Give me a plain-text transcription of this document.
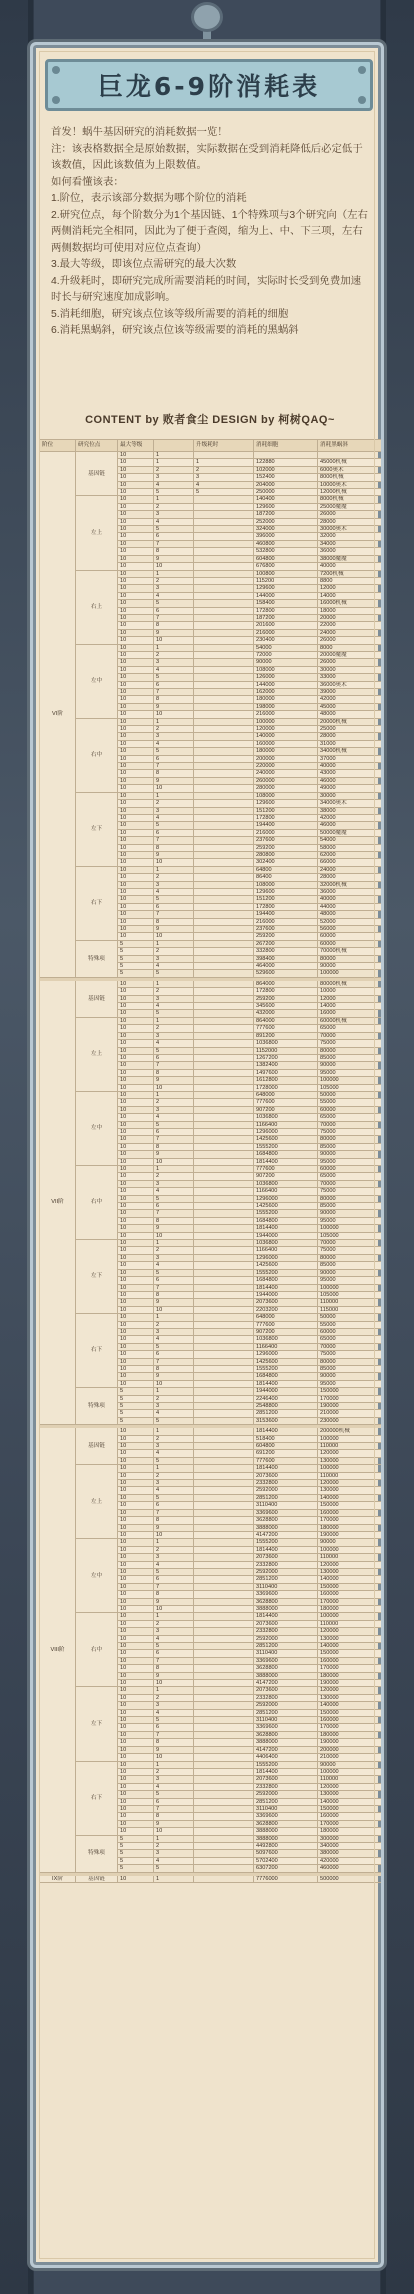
巨龙6-9阶消耗表

首发！蜗牛基因研究的消耗数据一览！

注：该表格数据全是原始数据，实际数据在受到消耗降低后必定低于该数值，因此该数值为上限数值。

如何看懂该表：

1.阶位，表示该部分数据为哪个阶位的消耗

2.研究位点，每个阶数分为1个基因链、1个特殊项与3个研究向（左右两侧消耗完全相同，因此为了便于查阅，缩为上、中、下三项，左右两侧数据均可使用对应位点查询）

3.最大等级，即该位点需研究的最大次数

4.升级耗时，即研究完成所需要消耗的时间，实际时长受到免费加速时长与研究速度加成影响。

5.消耗细胞，研究该点位该等级所需要的消耗的细胞

6.消耗黑蜗斜，研究该点位该等级需要的消耗的黑蜗斜

CONTENT by 败者食尘 DESIGN by 柯树QAQ~
阶位	研究位点	最大等级		升级耗时	消耗细胞	消耗黑蜗斜
VI阶	基因链	10	1			
		10	1	1	122880	45000机械
		10	2	2	102000	6000奥术
		10	3	3	152400	8000机械
		10	4	4	204000	10000奥术
		10	5	5	250000	12000机械
	左上	10	1		140400	8000机械
		10	2		129600	25000魔魔
		10	3		187200	26000
		10	4		252000	28000
		10	5		324000	30000奥术
		10	6		396000	32000
		10	7		460800	34000
		10	8		532800	36000
		10	9		604800	38000魔魔
		10	10		676800	40000
	右上	10	1		100800	7200机械
		10	2		115200	8800
		10	3		129600	12000
		10	4		144000	14000
		10	5		158400	16000机械
		10	6		172800	18000
		10	7		187200	20000
		10	8		201600	22000
		10	9		216000	24000
		10	10		230400	26000
	左中	10	1		54000	8000
		10	2		72000	20000魔魔
		10	3		90000	26000
		10	4		108000	30000
		10	5		126000	33000
		10	6		144000	36000奥术
		10	7		162000	39000
		10	8		180000	42000
		10	9		198000	45000
		10	10		216000	48000
	右中	10	1		100000	20000机械
		10	2		120000	25000
		10	3		140000	28000
		10	4		160000	31000
		10	5		180000	34000机械
		10	6		200000	37000
		10	7		220000	40000
		10	8		240000	43000
		10	9		260000	46000
		10	10		280000	49000
	左下	10	1		108000	30000
		10	2		129600	34000奥术
		10	3		151200	38000
		10	4		172800	42000
		10	5		194400	46000
		10	6		216000	50000魔魔
		10	7		237600	54000
		10	8		259200	58000
		10	9		280800	62000
		10	10		302400	66000
	右下	10	1		64800	24000
		10	2		86400	28000
		10	3		108000	32000机械
		10	4		129600	36000
		10	5		151200	40000
		10	6		172800	44000
		10	7		194400	48000
		10	8		216000	52000
		10	9		237600	56000
		10	10		259200	60000
	特殊项	5	1		267200	60000
		5	2		332800	70000机械
		5	3		398400	80000
		5	4		464000	90000
		5	5		529600	100000

VII阶	基因链	10	1		864000	80000机械
		10	2		172800	10000
		10	3		259200	12000
		10	4		345600	14000
		10	5		432000	16000
	左上	10	1		864000	60000机械
		10	2		777600	65000
		10	3		891200	70000
		10	4		1036800	75000
		10	5		1152000	80000
		10	6		1267200	85000
		10	7		1382400	90000
		10	8		1497600	95000
		10	9		1612800	100000
		10	10		1728000	105000
	左中	10	1		648000	50000
		10	2		777600	55000
		10	3		907200	60000
		10	4		1036800	65000
		10	5		1166400	70000
		10	6		1296000	75000
		10	7		1425600	80000
		10	8		1555200	85000
		10	9		1684800	90000
		10	10		1814400	95000
	右中	10	1		777600	60000
		10	2		907200	65000
		10	3		1036800	70000
		10	4		1166400	75000
		10	5		1296000	80000
		10	6		1425600	85000
		10	7		1555200	90000
		10	8		1684800	95000
		10	9		1814400	100000
		10	10		1944000	105000
	左下	10	1		1036800	70000
		10	2		1166400	75000
		10	3		1296000	80000
		10	4		1425600	85000
		10	5		1555200	90000
		10	6		1684800	95000
		10	7		1814400	100000
		10	8		1944000	105000
		10	9		2073600	110000
		10	10		2203200	115000
	右下	10	1		648000	50000
		10	2		777600	55000
		10	3		907200	60000
		10	4		1036800	65000
		10	5		1166400	70000
		10	6		1296000	75000
		10	7		1425600	80000
		10	8		1555200	85000
		10	9		1684800	90000
		10	10		1814400	95000
	特殊项	5	1		1944000	150000
		5	2		2246400	170000
		5	3		2548800	190000
		5	4		2851200	210000
		5	5		3153600	230000

VIII阶	基因链	10	1		1814400	200000机械
		10	2		518400	100000
		10	3		604800	110000
		10	4		691200	120000
		10	5		777600	130000
	左上	10	1		1814400	100000
		10	2		2073600	110000
		10	3		2332800	120000
		10	4		2592000	130000
		10	5		2851200	140000
		10	6		3110400	150000
		10	7		3369600	160000
		10	8		3628800	170000
		10	9		3888000	180000
		10	10		4147200	190000
	左中	10	1		1555200	90000
		10	2		1814400	100000
		10	3		2073600	110000
		10	4		2332800	120000
		10	5		2592000	130000
		10	6		2851200	140000
		10	7		3110400	150000
		10	8		3369600	160000
		10	9		3628800	170000
		10	10		3888000	180000
	右中	10	1		1814400	100000
		10	2		2073600	110000
		10	3		2332800	120000
		10	4		2592000	130000
		10	5		2851200	140000
		10	6		3110400	150000
		10	7		3369600	160000
		10	8		3628800	170000
		10	9		3888000	180000
		10	10		4147200	190000
	左下	10	1		2073600	120000
		10	2		2332800	130000
		10	3		2592000	140000
		10	4		2851200	150000
		10	5		3110400	160000
		10	6		3369600	170000
		10	7		3628800	180000
		10	8		3888000	190000
		10	9		4147200	200000
		10	10		4406400	210000
	右下	10	1		1555200	90000
		10	2		1814400	100000
		10	3		2073600	110000
		10	4		2332800	120000
		10	5		2592000	130000
		10	6		2851200	140000
		10	7		3110400	150000
		10	8		3369600	160000
		10	9		3628800	170000
		10	10		3888000	180000
	特殊项	5	1		3888000	300000
		5	2		4492800	340000
		5	3		5097600	380000
		5	4		5702400	420000
		5	5		6307200	460000

IX阶	基因链	10	1		7776000	500000
